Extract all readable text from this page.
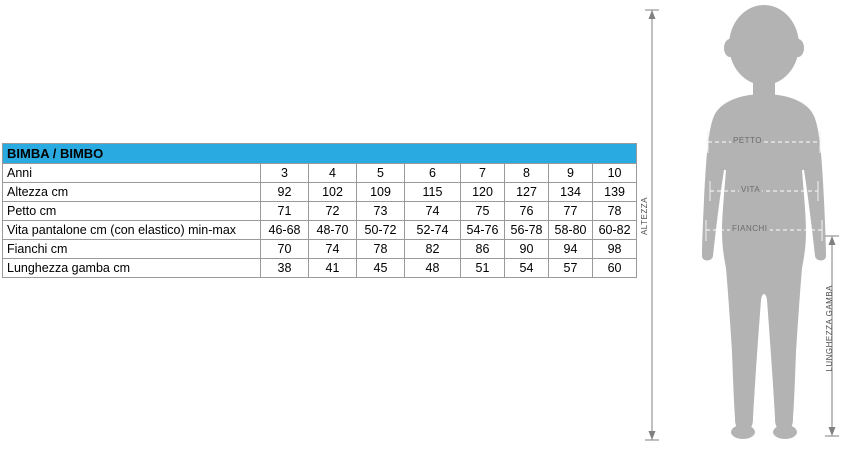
BIMBA / BIMBO								
Anni	3	4	5	6	7	8	9	10
Altezza cm	92	102	109	115	120	127	134	139
Petto cm	71	72	73	74	75	76	77	78
Vita pantalone cm (con elastico) min-max	46-68	48-70	50-72	52-74	54-76	56-78	58-80	60-82
Fianchi cm	70	74	78	82	86	90	94	98
Lunghezza gamba cm	38	41	45	48	51	54	57	60
ALTEZZA
LUNGHEZZA GAMBA
PETTO
VITA
FIANCHI
